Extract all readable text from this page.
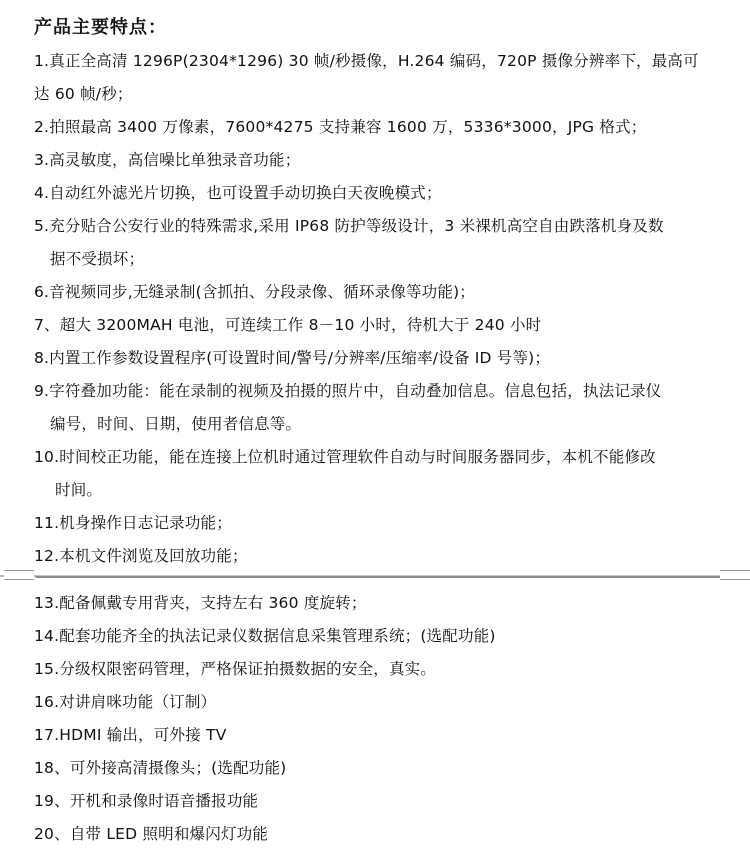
产品主要特点：
1.真正全高清 1296P(2304*1296) 30 帧/秒摄像，H.264 编码，720P 摄像分辨率下，最高可
达 60 帧/秒；
2.拍照最高 3400 万像素，7600*4275 支持兼容 1600 万，5336*3000，JPG 格式；
3.高灵敏度，高信噪比单独录音功能；
4.自动红外滤光片切换，也可设置手动切换白天夜晚模式；
5.充分贴合公安行业的特殊需求,采用 IP68 防护等级设计，3 米裸机高空自由跌落机身及数
据不受损坏；
6.音视频同步,无缝录制(含抓拍、分段录像、循环录像等功能)；
7、超大 3200MAH 电池，可连续工作 8－10 小时，待机大于 240 小时
8.内置工作参数设置程序(可设置时间/警号/分辨率/压缩率/设备 ID 号等)；
9.字符叠加功能：能在录制的视频及拍摄的照片中，自动叠加信息。信息包括，执法记录仪
编号，时间、日期，使用者信息等。
10.时间校正功能，能在连接上位机时通过管理软件自动与时间服务器同步，本机不能修改
时间。
11.机身操作日志记录功能；
12.本机文件浏览及回放功能；
13.配备佩戴专用背夹，支持左右 360 度旋转；
14.配套功能齐全的执法记录仪数据信息采集管理系统；(选配功能)
15.分级权限密码管理，严格保证拍摄数据的安全，真实。
16.对讲肩咪功能（订制）
17.HDMI 输出，可外接 TV
18、可外接高清摄像头；(选配功能)
19、开机和录像时语音播报功能
20、自带 LED 照明和爆闪灯功能
